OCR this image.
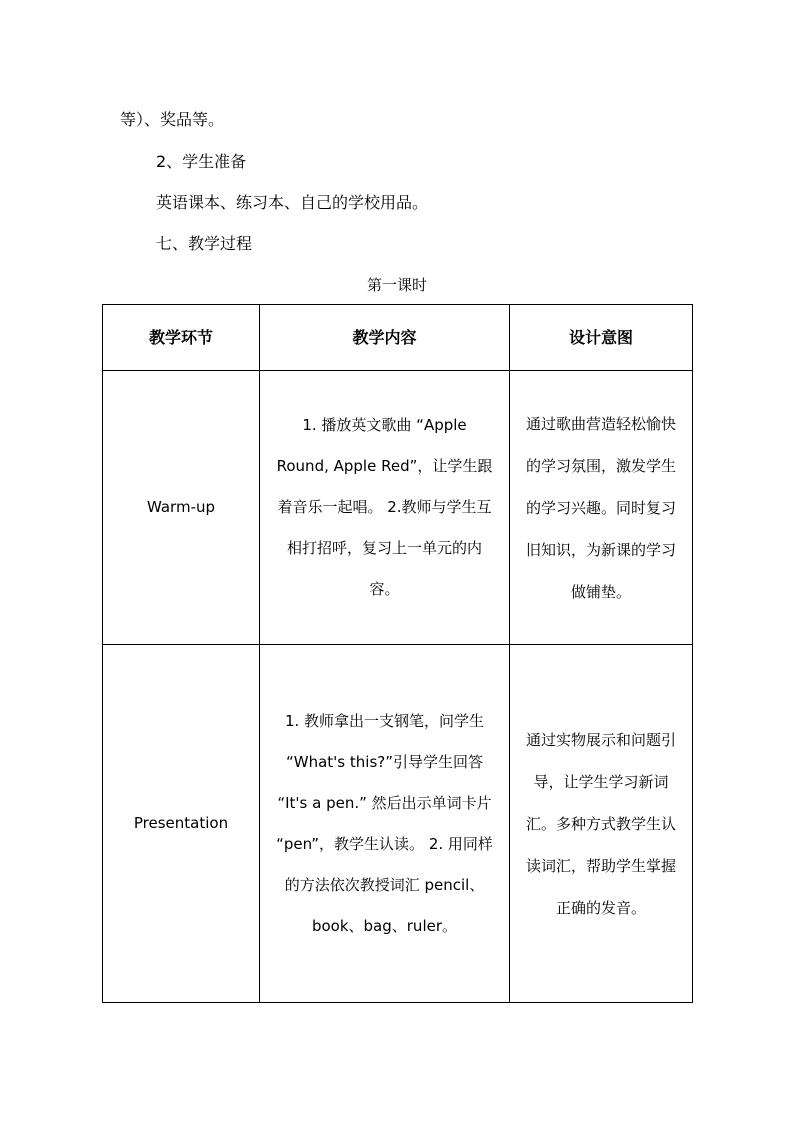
等）、奖品等。
2、学生准备
英语课本、练习本、自己的学校用品。
七、教学过程
第一课时
教学环节	教学内容	设计意图
Warm-up	1. 播放英文歌曲 “Apple Round, Apple Red”，让学生跟着音乐一起唱。 2.教师与学生互相打招呼，复习上一单元的内容。	通过歌曲营造轻松愉快的学习氛围，激发学生的学习兴趣。同时复习旧知识，为新课的学习做铺垫。

Presentation	1. 教师拿出一支钢笔，问学生 “What's this?”引导学生回答 “It's a pen.” 然后出示单词卡片 “pen”，教学生认读。 2. 用同样的方法依次教授词汇 pencil、book、bag、ruler。	通过实物展示和问题引导，让学生学习新词汇。多种方式教学生认读词汇，帮助学生掌握正确的发音。
